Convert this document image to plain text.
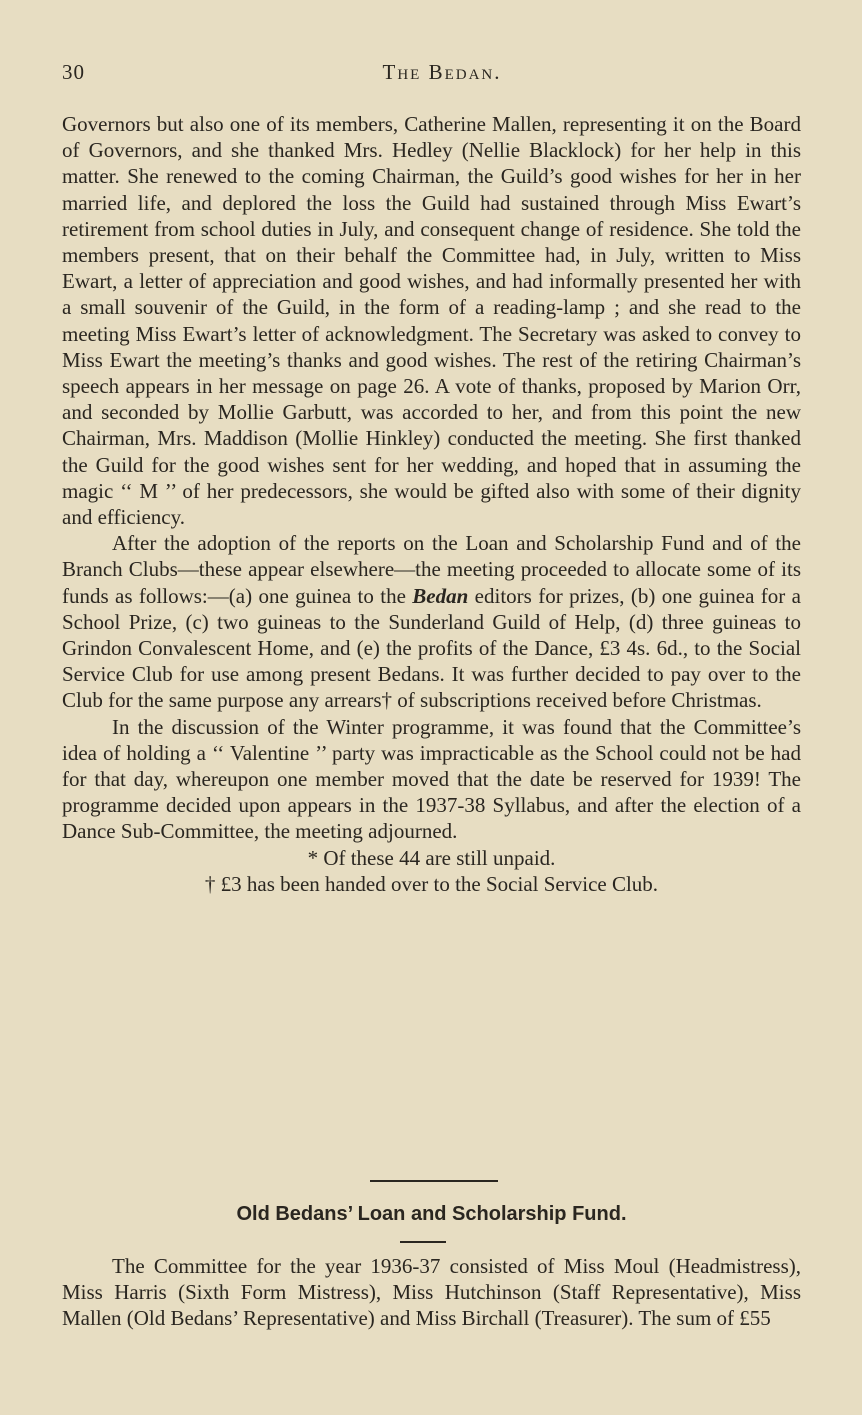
30	The Bedan.

Governors but also one of its members, Catherine Mallen, representing it on the Board of Governors, and she thanked Mrs. Hedley (Nellie Blacklock) for her help in this matter. She renewed to the coming Chairman, the Guild’s good wishes for her in her married life, and deplored the loss the Guild had sustained through Miss Ewart’s retirement from school duties in July, and consequent change of residence. She told the members present, that on their behalf the Committee had, in July, written to Miss Ewart, a letter of appreciation and good wishes, and had informally presented her with a small souvenir of the Guild, in the form of a reading-lamp ; and she read to the meeting Miss Ewart’s letter of acknowledgment. The Secretary was asked to convey to Miss Ewart the meeting’s thanks and good wishes. The rest of the retiring Chairman’s speech appears in her message on page 26. A vote of thanks, proposed by Marion Orr, and seconded by Mollie Garbutt, was accorded to her, and from this point the new Chairman, Mrs. Maddison (Mollie Hinkley) conducted the meeting. She first thanked the Guild for the good wishes sent for her wedding, and hoped that in assuming the magic ‘‘ M ’’ of her predecessors, she would be gifted also with some of their dignity and efficiency.

After the adoption of the reports on the Loan and Scholarship Fund and of the Branch Clubs—these appear elsewhere—the meeting proceeded to allocate some of its funds as follows:—(a) one guinea to the Bedan editors for prizes, (b) one guinea for a School Prize, (c) two guineas to the Sunderland Guild of Help, (d) three guineas to Grindon Convalescent Home, and (e) the profits of the Dance, £3 4s. 6d., to the Social Service Club for use among present Bedans. It was further decided to pay over to the Club for the same purpose any arrears† of subscriptions received before Christmas.

In the discussion of the Winter programme, it was found that the Committee’s idea of holding a ‘‘ Valentine ’’ party was impracticable as the School could not be had for that day, whereupon one member moved that the date be reserved for 1939! The programme decided upon appears in the 1937-38 Syllabus, and after the election of a Dance Sub-Committee, the meeting adjourned.

* Of these 44 are still unpaid.

† £3 has been handed over to the Social Service Club.

Old Bedans’ Loan and Scholarship Fund.

The Committee for the year 1936-37 consisted of Miss Moul (Headmistress), Miss Harris (Sixth Form Mistress), Miss Hutchinson (Staff Representative), Miss Mallen (Old Bedans’ Representative) and Miss Birchall (Treasurer). The sum of £55
